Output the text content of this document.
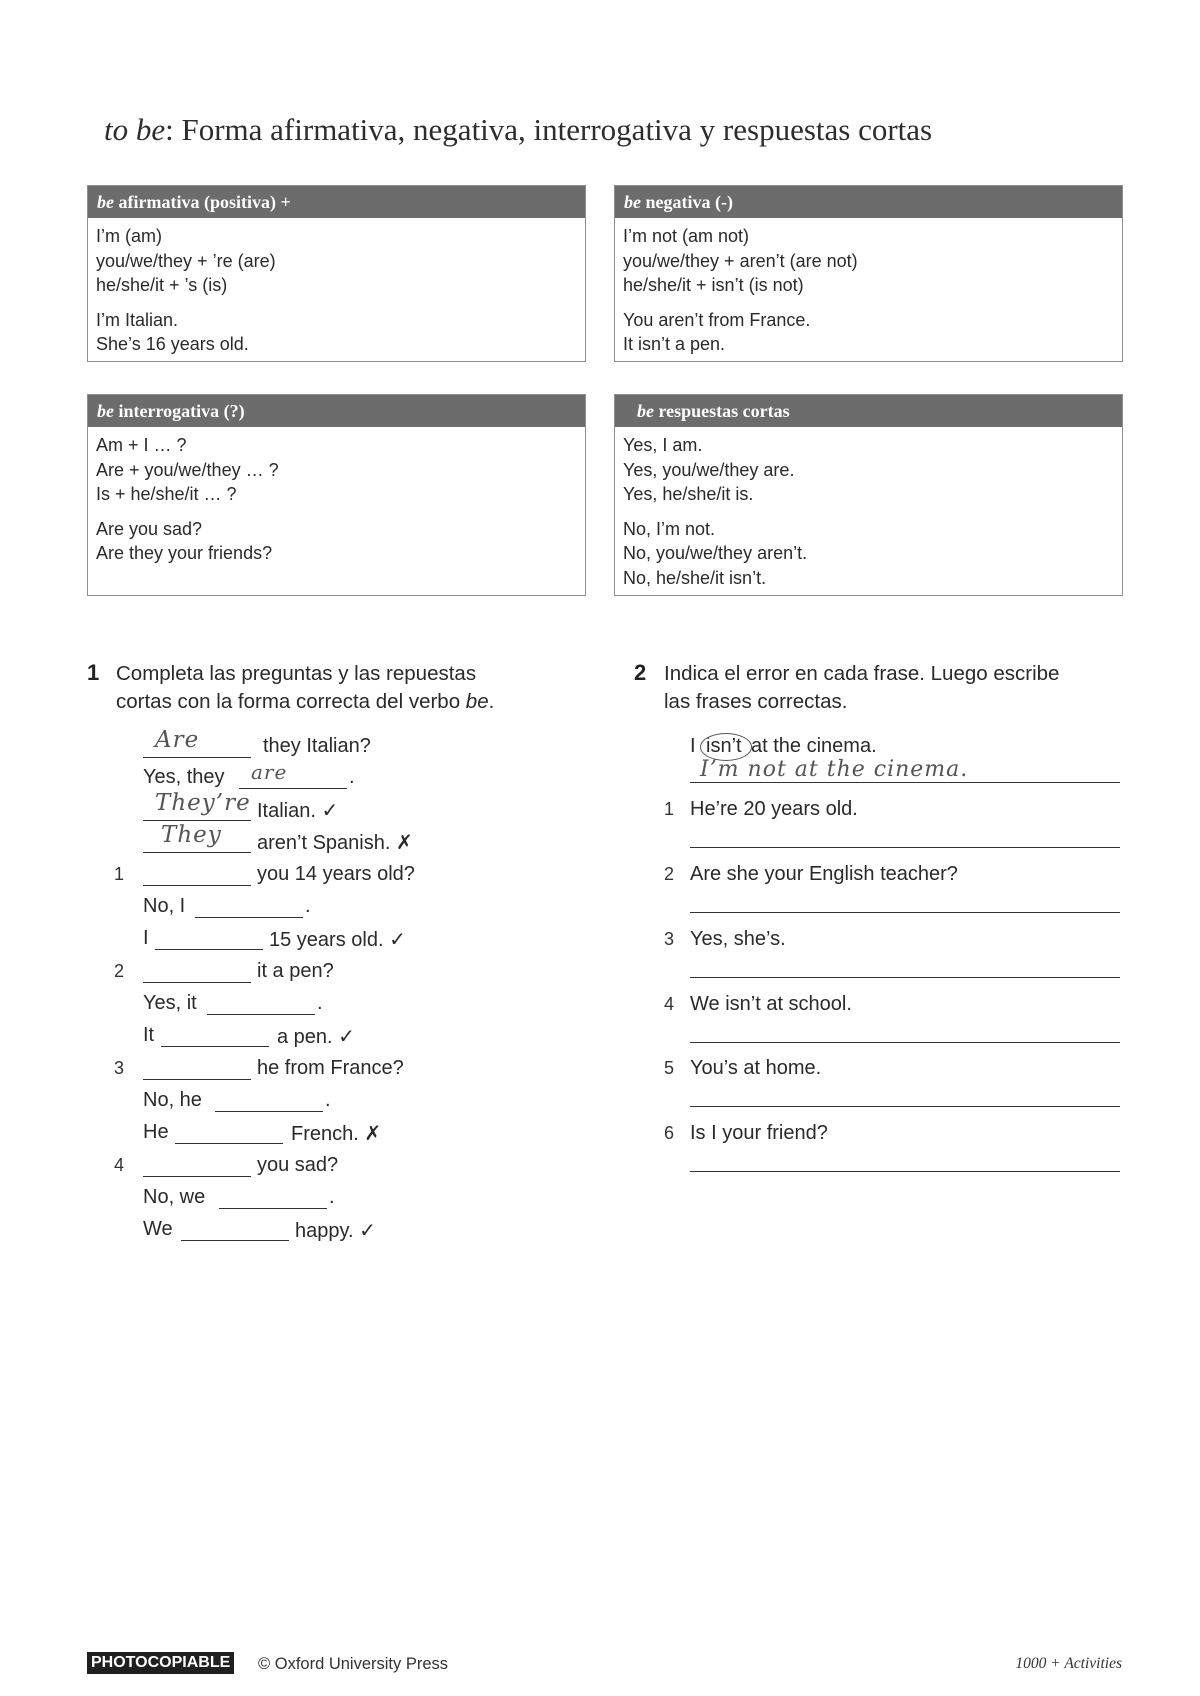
to be: Forma afirmativa, negativa, interrogativa y respuestas cortas
be afirmativa (positiva) +
I’m (am)
you/we/they + ’re (are)
he/she/it + ’s (is)
I’m Italian.
She’s 16 years old.
be negativa (-)
I’m not (am not)
you/we/they + aren’t (are not)
he/she/it + isn’t (is not)
You aren’t from France.
It isn’t a pen.
be interrogativa (?)
Am + I … ?
Are + you/we/they … ?
Is + he/she/it … ?
Are you sad?
Are they your friends?
be respuestas cortas
Yes, I am.
Yes, you/we/they are.
Yes, he/she/it is.
No, I’m not.
No, you/we/they aren’t.
No, he/she/it isn’t.
1 Completa las preguntas y las repuestas
cortas con la forma correcta del verbo be.
Are	they Italian?
Yes, they are	.
They’re Italian. ✓
They aren’t Spanish. ✗
1	you 14 years old?
No, I	.
I	15 years old. ✓
2	it a pen?
Yes, it	.
It	a pen. ✓
3	he from France?
No, he	.
He	French. ✗
4	you sad?
No, we	.
We	happy. ✓
2 Indica el error en cada frase. Luego escribe
las frases correctas.
I isn’t at the cinema.
I’m not at the cinema.
1 He’re 20 years old.
2 Are she your English teacher?
3 Yes, she’s.
4 We isn’t at school.
5 You’s at home.
6 Is I your friend?
PHOTOCOPIABLE © Oxford University Press	1000 + Activities
